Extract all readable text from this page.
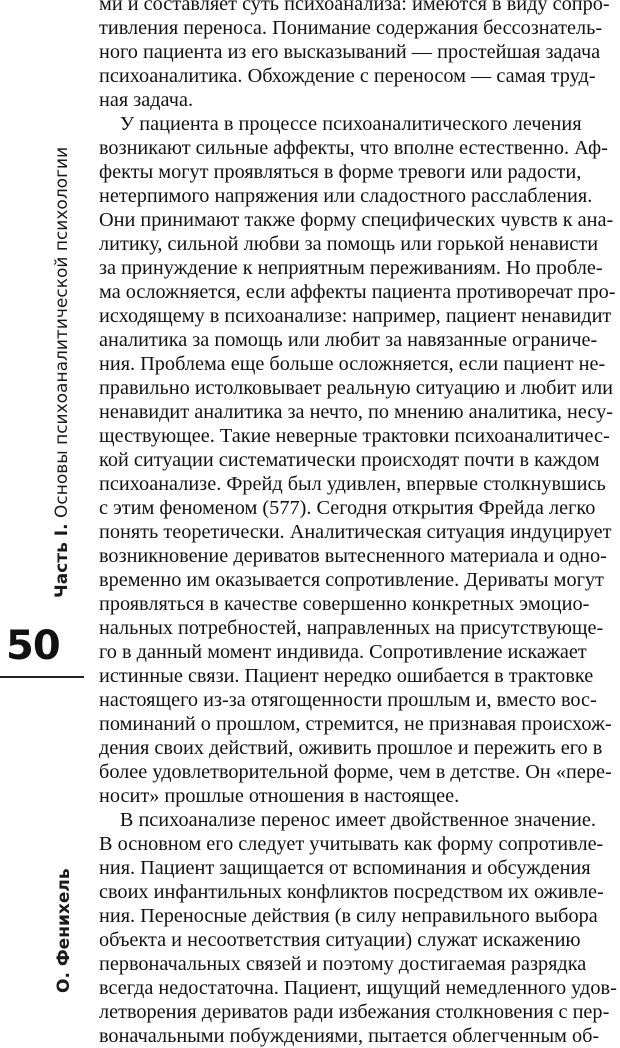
Часть I. Основы психоаналитической психологии
50
О. Фенихель
ми и составляет суть психоанализа: имеются в виду сопро-
тивления переноса. Понимание содержания бессознатель-
ного пациента из его высказываний — простейшая задача
психоаналитика. Обхождение с переносом — самая труд-
ная задача.
У пациента в процессе психоаналитического лечения
возникают сильные аффекты, что вполне естественно. Аф-
фекты могут проявляться в форме тревоги или радости,
нетерпимого напряжения или сладостного расслабления.
Они принимают также форму специфических чувств к ана-
литику, сильной любви за помощь или горькой ненависти
за принуждение к неприятным переживаниям. Но пробле-
ма осложняется, если аффекты пациента противоречат про-
исходящему в психоанализе: например, пациент ненавидит
аналитика за помощь или любит за навязанные ограниче-
ния. Проблема еще больше осложняется, если пациент не-
правильно истолковывает реальную ситуацию и любит или
ненавидит аналитика за нечто, по мнению аналитика, несу-
ществующее. Такие неверные трактовки психоаналитичес-
кой ситуации систематически происходят почти в каждом
психоанализе. Фрейд был удивлен, впервые столкнувшись
с этим феноменом (577). Сегодня открытия Фрейда легко
понять теоретически. Аналитическая ситуация индуцирует
возникновение дериватов вытесненного материала и одно-
временно им оказывается сопротивление. Дериваты могут
проявляться в качестве совершенно конкретных эмоцио-
нальных потребностей, направленных на присутствующе-
го в данный момент индивида. Сопротивление искажает
истинные связи. Пациент нередко ошибается в трактовке
настоящего из-за отягощенности прошлым и, вместо вос-
поминаний о прошлом, стремится, не признавая происхож-
дения своих действий, оживить прошлое и пережить его в
более удовлетворительной форме, чем в детстве. Он «пере-
носит» прошлые отношения в настоящее.
В психоанализе перенос имеет двойственное значение.
В основном его следует учитывать как форму сопротивле-
ния. Пациент защищается от вспоминания и обсуждения
своих инфантильных конфликтов посредством их оживле-
ния. Переносные действия (в силу неправильного выбора
объекта и несоответствия ситуации) служат искажению
первоначальных связей и поэтому достигаемая разрядка
всегда недостаточна. Пациент, ищущий немедленного удов-
летворения дериватов ради избежания столкновения с пер-
воначальными побуждениями, пытается облегченным об-
